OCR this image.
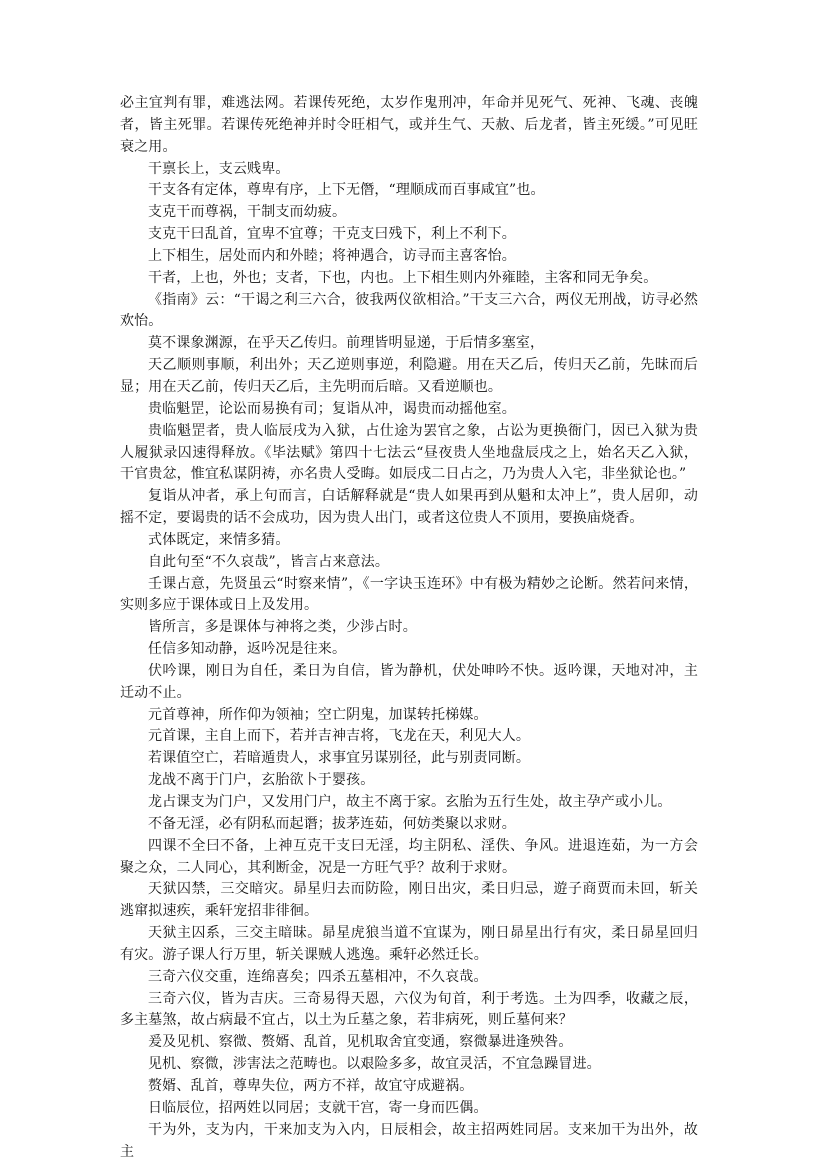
必主宜判有罪，难逃法网。若课传死绝，太岁作鬼刑冲，年命并见死气、死神、飞魂、丧魄者，皆主死罪。若课传死绝神并时令旺相气，或并生气、天赦、后龙者，皆主死缓。”可见旺衰之用。

干禀长上，支云贱卑。

干支各有定体，尊卑有序，上下无僭，“理顺成而百事咸宜”也。

支克干而尊祸，干制支而幼疲。

支克干曰乱首，宜卑不宜尊；干克支曰残下，利上不利下。

上下相生，居处而内和外睦；将神遇合，访寻而主喜客怡。

干者，上也，外也；支者，下也，内也。上下相生则内外雍睦，主客和同无争矣。

《指南》云：“干谒之利三六合，彼我两仪欲相洽。”干支三六合，两仪无刑战，访寻必然欢怡。

莫不课象渊源，在乎天乙传归。前理皆明显递，于后情多塞室，

天乙顺则事顺，利出外；天乙逆则事逆，利隐避。用在天乙后，传归天乙前，先昧而后显；用在天乙前，传归天乙后，主先明而后暗。又看逆顺也。

贵临魁罡，论讼而易换有司；复诣从冲，谒贵而动摇他室。

贵临魁罡者，贵人临辰戌为入狱，占仕途为罢官之象，占讼为更换衙门，因已入狱为贵人履狱录囚速得释放。《毕法赋》第四十七法云“昼夜贵人坐地盘辰戌之上，始名天乙入狱，干官贵忿，惟宜私谋阴祷，亦名贵人受晦。如辰戌二日占之，乃为贵人入宅，非坐狱论也。”

复诣从冲者，承上句而言，白话解释就是“贵人如果再到从魁和太冲上”，贵人居卯，动摇不定，要谒贵的话不会成功，因为贵人出门，或者这位贵人不顶用，要换庙烧香。

式体既定，来情多猜。

自此句至“不久哀哉”，皆言占来意法。

壬课占意，先贤虽云“时察来情”，《一字诀玉连环》中有极为精妙之论断。然若问来情，实则多应于课体或日上及发用。

皆所言，多是课体与神将之类，少涉占时。

任信多知动静，返吟况是往来。

伏吟课，刚日为自任，柔日为自信，皆为静机，伏处呻吟不快。返吟课，天地对冲，主迁动不止。

元首尊神，所作仰为领袖；空亡阴鬼，加谋转托梯媒。

元首课，主自上而下，若并吉神吉将，飞龙在天，利见大人。

若课值空亡，若暗遁贵人，求事宜另谋别径，此与别责同断。

龙战不离于门户，玄胎欲卜于婴孩。

龙占课支为门户，又发用门户，故主不离于家。玄胎为五行生处，故主孕产或小儿。

不备无淫，必有阴私而起谮；拔茅连茹，何妨类聚以求财。

四课不全曰不备，上神互克干支曰无淫，均主阴私、淫佚、争风。进退连茹，为一方会聚之众，二人同心，其利断金，况是一方旺气乎？故利于求财。

天狱囚禁，三交暗灾。昴星归去而防险，刚日出灾，柔日归忌，遊子商贾而未回，斩关逃窜拟速疾，乘轩宠招非徘徊。

天狱主囚系，三交主暗昧。昴星虎狼当道不宜谋为，刚日昴星出行有灾，柔日昴星回归有灾。游子课人行万里，斩关课贼人逃逸。乘轩必然迁长。

三奇六仪交重，连绵喜矣；四杀五墓相冲，不久哀哉。

三奇六仪，皆为吉庆。三奇易得天恩，六仪为旬首，利于考选。土为四季，收藏之辰，多主墓煞，故占病最不宜占，以土为丘墓之象，若非病死，则丘墓何来？

爰及见机、察微、赘婿、乱首，见机取舍宜变通，察微暴进逢殃咎。

见机、察微，涉害法之范畴也。以艰险多多，故宜灵活，不宜急躁冒进。

赘婿、乱首，尊卑失位，两方不祥，故宜守成避祸。

日临辰位，招两姓以同居；支就干宫，寄一身而匹偶。

干为外，支为内，干来加支为入内，日辰相会，故主招两姓同居。支来加干为出外，故主
